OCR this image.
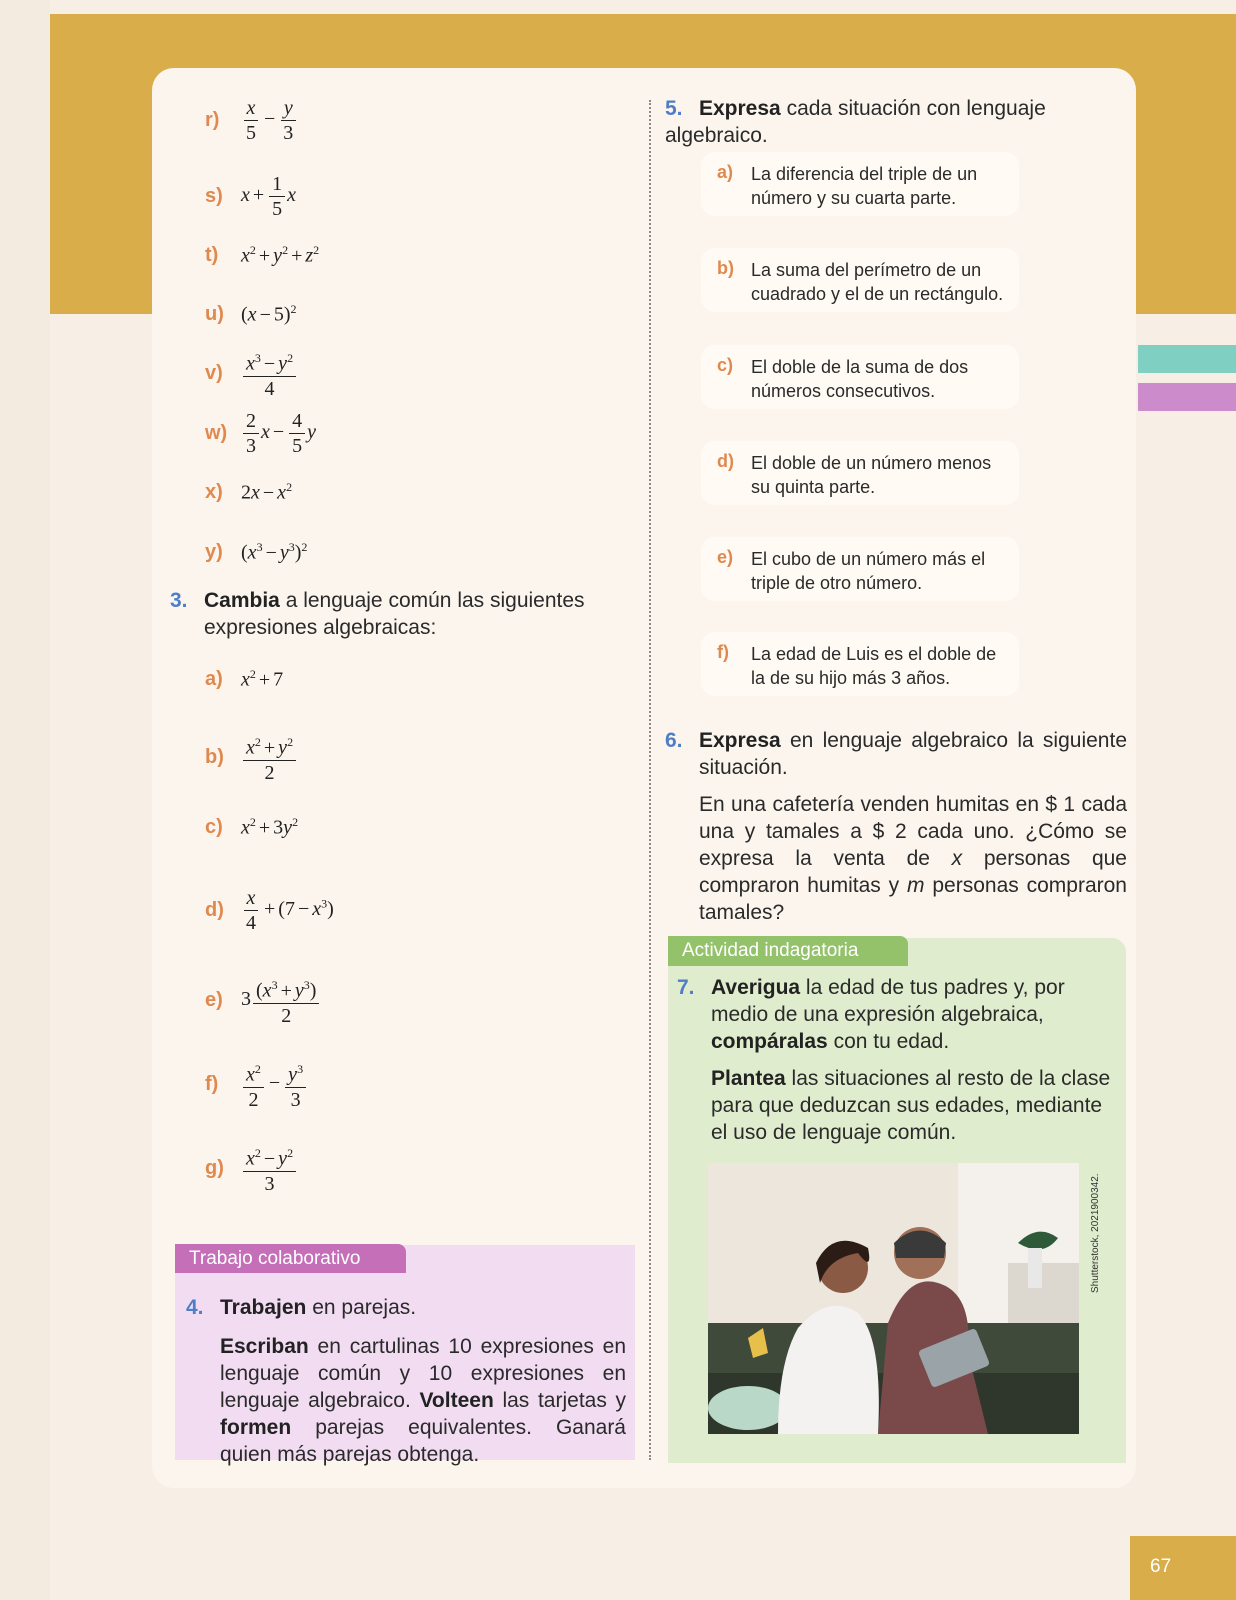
r)	$\frac{x}{5} - \frac{y}{3}$
s) $x + \frac{1}{5}$ x
t)	$x^2 + y^2 + z^2$
u) $(x - 5)^2$
v)	$\frac{x^3 - y^2}{4}$
$w) \frac{2}{3}$ $x - \frac{4}{5}$ y
x) $2x - x^2$
y) $(x^3 - y^3)^2$
3. Cambia a lenguaje común las siguientes expresiones algebraicas:
a) $x^2 + 7$
$b) \frac{x^2 + y^2}{2}$
c) $x^2 + 3y^2$
$d) \frac{x}{4} + (7 - x^3)$
e) $3 \frac{(x^3 + y^3)}{2}$
f)	$\frac{x^2}{2} - \frac{y^3}{3}$
$g) \frac{x^2 - y^2}{3}$
Trabajo colaborativo
4. Trabajen en parejas.
Escriban en cartulinas 10 expresiones en lenguaje común y 10 expresiones en lenguaje algebraico. Volteen las tarjetas y formen parejas equivalentes. Ganará quien más parejas obtenga.
5. Expresa cada situación con lenguaje algebraico.
a) La diferencia del triple de un número y su cuarta parte.
b) La suma del perímetro de un cuadrado y el de un rectángulo.
c) El doble de la suma de dos números consecutivos.
d) El doble de un número menos su quinta parte.
e) El cubo de un número más el triple de otro número.
f)	La edad de Luis es el doble de la de su hijo más 3 años.
6. Expresa en lenguaje algebraico la siguiente situación.
En una cafetería venden humitas en $ 1 cada una y tamales a $ 2 cada uno. ¿Cómo se expresa la venta de x personas que compraron humitas y m personas compraron tamales?
Actividad indagatoria
7. Averigua la edad de tus padres y, por medio de una expresión algebraica, compáralas con tu edad.
Plantea las situaciones al resto de la clase para que deduzcan sus edades, mediante el uso de lenguaje común.
Shutterstock, 2021900342.
67
